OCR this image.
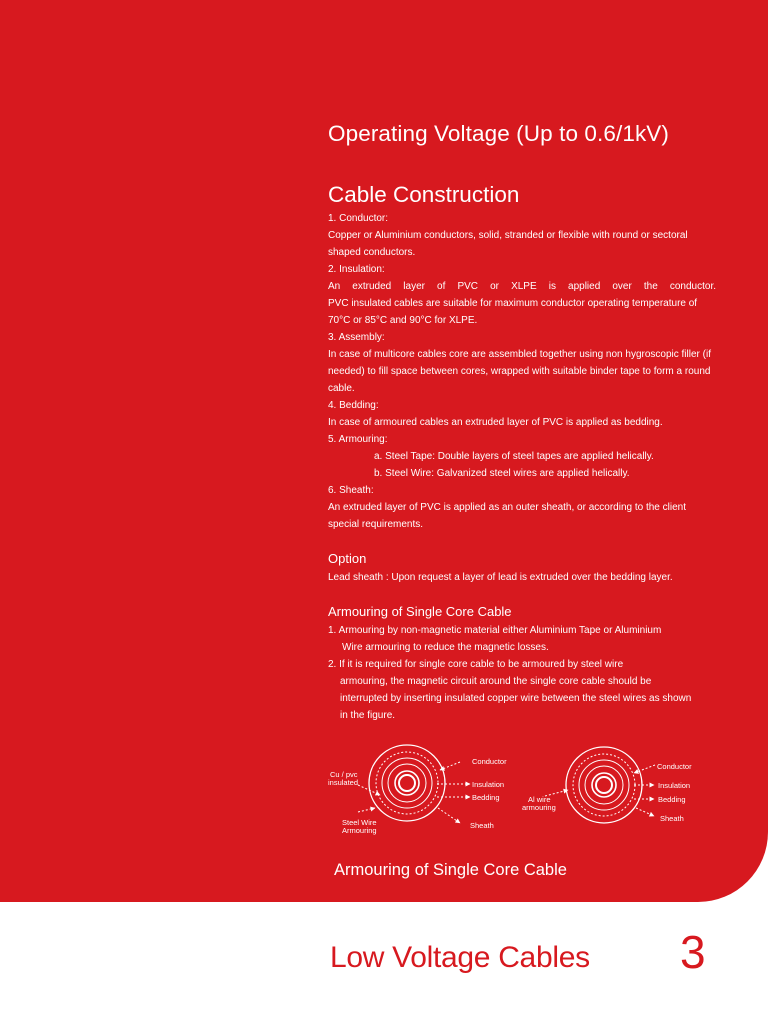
Operating Voltage (Up to 0.6/1kV)
Cable Construction

1. Conductor:

Copper or Aluminium conductors, solid, stranded or flexible with round or sectoral shaped conductors.

2. Insulation:

An extruded layer of PVC or XLPE is applied over the conductor.

PVC insulated cables are suitable for maximum conductor operating temperature of 70°C or 85°C and 90°C for XLPE.

3. Assembly:

In case of multicore cables core are assembled together using non hygroscopic filler (if needed) to fill space between cores, wrapped with suitable binder tape to form a round cable.

4. Bedding:

In case of armoured cables an extruded layer of PVC is applied as bedding.

5. Armouring:

a. Steel Tape: Double layers of steel tapes are applied helically.

b. Steel Wire: Galvanized steel wires are applied helically.

6. Sheath:

An extruded layer of PVC is applied as an outer sheath, or according to the client special requirements.

Option
Lead sheath : Upon request a layer of lead is extruded over the bedding layer.
Armouring of Single Core Cable

1. Armouring by non-magnetic material either Aluminium Tape or Aluminium

Wire armouring to reduce the magnetic losses.

2. If it is required for single core cable to be armoured by steel wire

armouring, the magnetic circuit around the single core cable should be

interrupted by inserting insulated copper wire between the steel wires as shown

in the figure.

Conductor
Insulation
Bedding
Sheath
Cu / pvc
insulated
Steel Wire
Armouring
Conductor
Insulation
Bedding
Sheath
Al wire
armouring
Armouring of Single Core Cable
Low Voltage Cables 3
